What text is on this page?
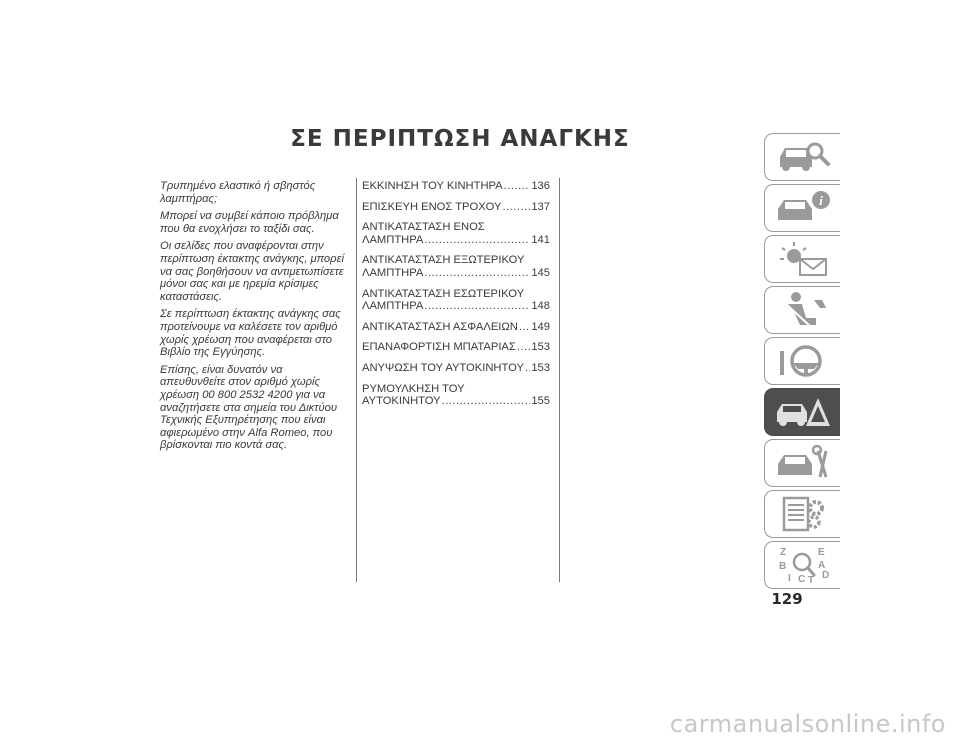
ΣΕ ΠΕΡΙΠΤΩΣΗ ΑΝΑΓΚΗΣ

Τρυπημένο ελαστικό ή σβηστός λαμπτήρας;

Μπορεί να συμβεί κάποιο πρόβλημα που θα ενοχλήσει το ταξίδι σας.

Οι σελίδες που αναφέρονται στην περίπτωση έκτακτης ανάγκης, μπορεί να σας βοηθήσουν να αντιμετωπίσετε μόνοι σας και με ηρεμία κρίσιμες καταστάσεις.

Σε περίπτωση έκτακτης ανάγκης σας προτείνουμε να καλέσετε τον αριθμό χωρίς χρέωση που αναφέρεται στο Βιβλίο της Εγγύησης.

Επίσης, είναι δυνατόν να απευθυνθείτε στον αριθμό χωρίς χρέωση 00 800 2532 4200 για να αναζητήσετε στα σημεία του Δικτύου Τεχνικής Εξυπηρέτησης που είναι αφιερωμένο στην Alfa Romeo, που βρίσκονται πιο κοντά σας.

ΕΚΚΙΝΗΣΗ ΤΟΥ ΚΙΝΗΤΗΡΑ .....	136
ΕΠΙΣΚΕΥΗ ΕΝΟΣ ΤΡΟΧΟΥ .....	137
ΑΝΤΙΚΑΤΑΣΤΑΣΗ ΕΝΟΣ
ΛΑΜΠΤΗΡΑ .....	141
ΑΝΤΙΚΑΤΑΣΤΑΣΗ ΕΞΩΤΕΡΙΚΟΥ
ΛΑΜΠΤΗΡΑ .....	145
ΑΝΤΙΚΑΤΑΣΤΑΣΗ ΕΣΩΤΕΡΙΚΟΥ
ΛΑΜΠΤΗΡΑ .....	148
ΑΝΤΙΚΑΤΑΣΤΑΣΗ ΑΣΦΑΛΕΙΩΝ ..... 149
ΕΠΑΝΑΦΟΡΤΙΣΗ ΜΠΑΤΑΡΙΑΣ ..... 153
ΑΝΥΨΩΣΗ ΤΟΥ ΑΥΤΟΚΙΝΗΤΟΥ ..... 153
ΡΥΜΟΥΛΚΗΣΗ ΤΟΥ
ΑΥΤΟΚΙΝΗΤΟΥ .....	155
i
Z
B
I C T
E
A
D
129
carmanualsonline.info
